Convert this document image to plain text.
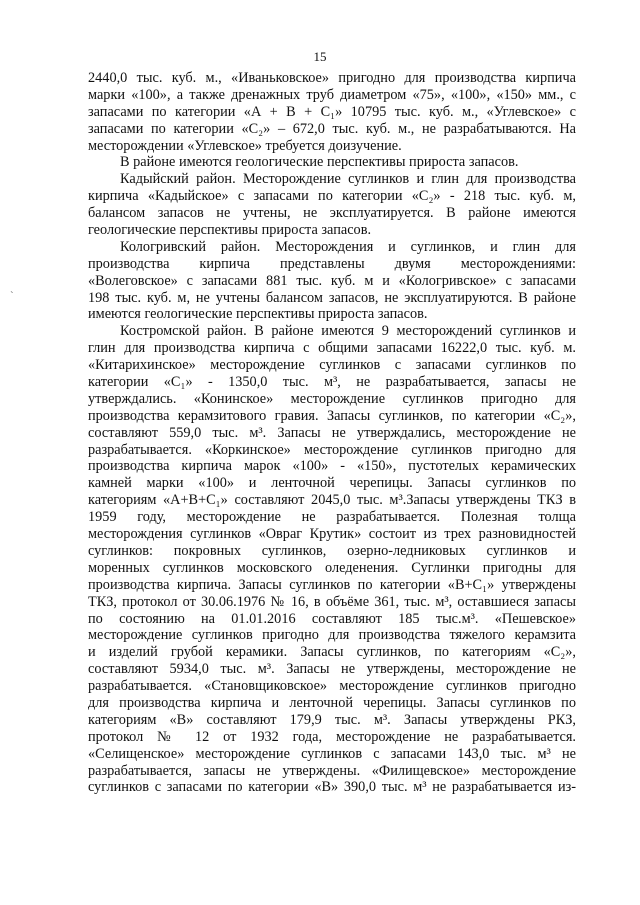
15
`
2440,0 тыс. куб. м., «Иваньковское» пригодно для производства кирпича
марки «100», а также дренажных труб диаметром «75», «100», «150» мм., с
запасами по категории «А + В + С₁» 10795 тыс. куб. м., «Углевское» с
запасами по категории «С₂» – 672,0 тыс. куб. м., не разрабатываются. На
месторождении «Углевское» требуется доизучение.
В районе имеются геологические перспективы прироста запасов.
Кадыйский район. Месторождение суглинков и глин для производства
кирпича «Кадыйское» с запасами по категории «С₂» - 218 тыс. куб. м,
балансом запасов не учтены, не эксплуатируется. В районе имеются
геологические перспективы прироста запасов.
Кологривский район. Месторождения и суглинков, и глин для
производства кирпича представлены двумя месторождениями:
«Волеговское» с запасами 881 тыс. куб. м и «Кологривское» с запасами
198 тыс. куб. м, не учтены балансом запасов, не эксплуатируются. В районе
имеются геологические перспективы прироста запасов.
Костромской район. В районе имеются 9 месторождений суглинков и
глин для производства кирпича с общими запасами 16222,0 тыс. куб. м.
«Китарихинское» месторождение суглинков с запасами суглинков по
категории «С₁» - 1350,0 тыс. м³, не разрабатывается, запасы не
утверждались. «Конинское» месторождение суглинков пригодно для
производства керамзитового гравия. Запасы суглинков, по категории «С₂»,
составляют 559,0 тыс. м³. Запасы не утверждались, месторождение не
разрабатывается. «Коркинское» месторождение суглинков пригодно для
производства кирпича марок «100» - «150», пустотелых керамических
камней марки «100» и ленточной черепицы. Запасы суглинков по
категориям «А+В+С₁» составляют 2045,0 тыс. м³.Запасы утверждены ТКЗ в
1959 году, месторождение не разрабатывается. Полезная толща
месторождения суглинков «Овраг Крутик» состоит из трех разновидностей
суглинков: покровных суглинков, озерно-ледниковых суглинков и
моренных суглинков московского оледенения. Суглинки пригодны для
производства кирпича. Запасы суглинков по категории «В+С₁» утверждены
ТКЗ, протокол от 30.06.1976 № 16, в объёме 361, тыс. м³, оставшиеся запасы
по состоянию на 01.01.2016 составляют 185 тыс.м³. «Пешевское»
месторождение суглинков пригодно для производства тяжелого керамзита
и изделий грубой керамики. Запасы суглинков, по категориям «С₂»,
составляют 5934,0 тыс. м³. Запасы не утверждены, месторождение не
разрабатывается. «Становщиковское» месторождение суглинков пригодно
для производства кирпича и ленточной черепицы. Запасы суглинков по
категориям «В» составляют 179,9 тыс. м³. Запасы утверждены РКЗ,
протокол № 12 от 1932 года, месторождение не разрабатывается.
«Селищенское» месторождение суглинков с запасами 143,0 тыс. м³ не
разрабатывается, запасы не утверждены. «Филищевское» месторождение
суглинков с запасами по категории «В» 390,0 тыс. м³ не разрабатывается из-
